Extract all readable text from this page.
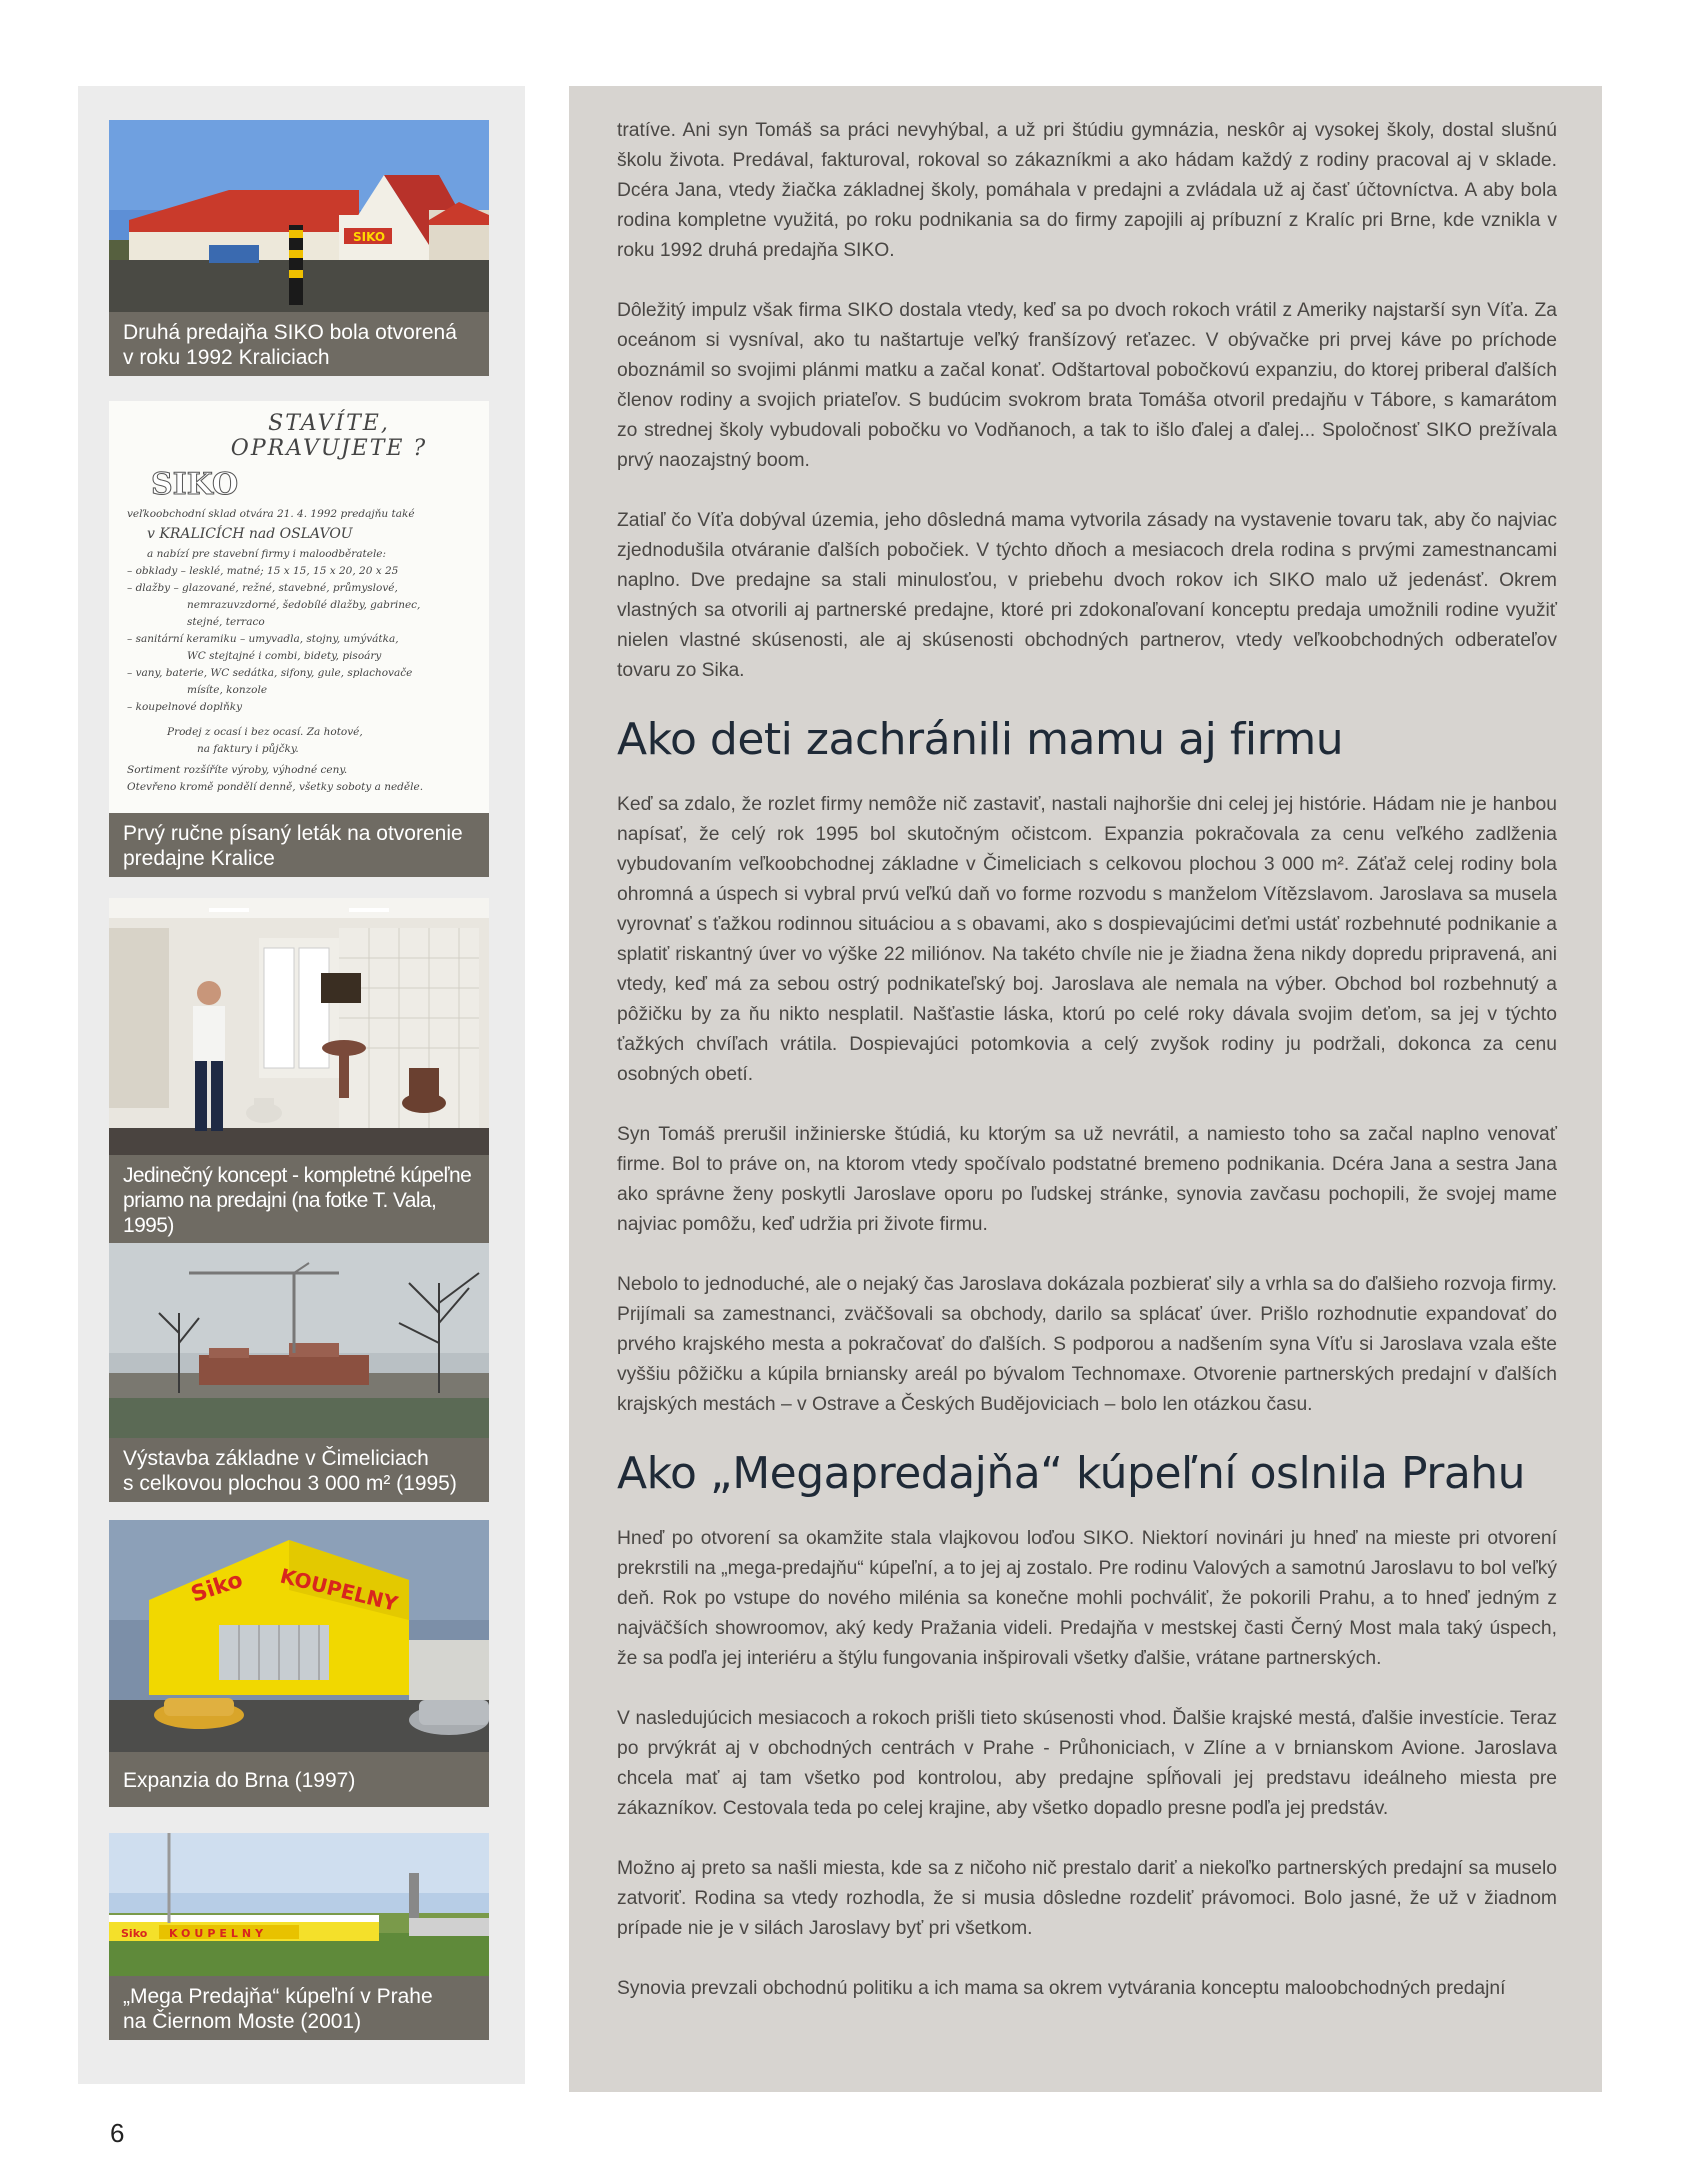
SIKO
Druhá predajňa SIKO bola otvorená
v roku 1992 Kraliciach
STAVÍTE, OPRAVUJETE ?
SIKO
veľkoobchodní sklad otvára 21. 4. 1992 predajňu také
v KRALICÍCH nad OSLAVOU
a nabízí pre stavební firmy i maloodběratele:
– obklady – lesklé, matné; 15 x 15, 15 x 20, 20 x 25
– dlažby – glazované, režné, stavebné, průmyslové,
nemrazuvzdorné, šedobílé dlažby, gabrinec,
stejné, terraco
– sanitární keramiku – umyvadla, stojny, umývátka,
WC stejtajné i combi, bidety, pisoáry
– vany, baterie, WC sedátka, sifony, gule, splachovače
mísíte, konzole
– koupelnové doplňky
Prodej z ocasí i bez ocasí. Za hotové,
na faktury i půjčky.
Sortiment rozšíříte výroby, výhodné ceny.
Otevřeno kromě pondělí denně, všetky soboty a neděle.
Prvý ručne písaný leták na otvorenie
predajne Kralice
Jedinečný koncept - kompletné kúpeľne
priamo na predajni (na fotke T. Vala, 1995)
Výstavba základne v Čimeliciach
s celkovou plochou 3 000 m² (1995)
Siko KOUPELNY
Expanzia do Brna (1997)
Siko KOUPELNY
„Mega Predajňa“ kúpeľní v Prahe
na Čiernom Moste (2001)

tratíve. Ani syn Tomáš sa práci nevyhýbal, a už pri štúdiu gymnázia, neskôr aj vysokej školy, dostal slušnú školu života. Predával, fakturoval, rokoval so zákazníkmi a ako hádam každý z rodiny pracoval aj v sklade. Dcéra Jana, vtedy žiačka základnej školy, pomáhala v predajni a zvládala už aj časť účtovníctva. A aby bola rodina kompletne využitá, po roku podnikania sa do firmy zapojili aj príbuzní z Kralíc pri Brne, kde vznikla v roku 1992 druhá predajňa SIKO.

Dôležitý impulz však firma SIKO dostala vtedy, keď sa po dvoch rokoch vrátil z Ameriky najstarší syn Víťa. Za oceánom si vysníval, ako tu naštartuje veľký franšízový reťazec. V obývačke pri prvej káve po príchode oboznámil so svojimi plánmi matku a začal konať. Odštartoval pobočkovú expanziu, do ktorej priberal ďalších členov rodiny a svojich priateľov. S budúcim svokrom brata Tomáša otvoril predajňu v Tábore, s kamarátom zo strednej školy vybudovali pobočku vo Vodňanoch, a tak to išlo ďalej a ďalej... Spoločnosť SIKO prežívala prvý naozajstný boom.

Zatiaľ čo Víťa dobýval územia, jeho dôsledná mama vytvorila zásady na vystavenie tovaru tak, aby čo najviac zjednodušila otváranie ďalších pobočiek. V týchto dňoch a mesiacoch drela rodina s prvými zamestnancami naplno. Dve predajne sa stali minulosťou, v priebehu dvoch rokov ich SIKO malo už jedenásť. Okrem vlastných sa otvorili aj partnerské predajne, ktoré pri zdokonaľovaní konceptu predaja umožnili rodine využiť nielen vlastné skúsenosti, ale aj skúsenosti obchodných partnerov, vtedy veľkoobchodných odberateľov tovaru zo Sika.

Ako deti zachránili mamu aj firmu

Keď sa zdalo, že rozlet firmy nemôže nič zastaviť, nastali najhoršie dni celej jej histórie. Hádam nie je hanbou napísať, že celý rok 1995 bol skutočným očistcom. Expanzia pokračovala za cenu veľkého zadlženia vybudovaním veľkoobchodnej základne v Čimeliciach s celkovou plochou 3 000 m². Záťaž celej rodiny bola ohromná a úspech si vybral prvú veľkú daň vo forme rozvodu s manželom Vítězslavom. Jaroslava sa musela vyrovnať s ťažkou rodinnou situáciou a s obavami, ako s dospievajúcimi deťmi ustáť rozbehnuté podnikanie a splatiť riskantný úver vo výške 22 miliónov. Na takéto chvíle nie je žiadna žena nikdy dopredu pripravená, ani vtedy, keď má za sebou ostrý podnikateľský boj. Jaroslava ale nemala na výber. Obchod bol rozbehnutý a pôžičku by za ňu nikto nesplatil. Našťastie láska, ktorú po celé roky dávala svojim deťom, sa jej v týchto ťažkých chvíľach vrátila. Dospievajúci potomkovia a celý zvyšok rodiny ju podržali, dokonca za cenu osobných obetí.

Syn Tomáš prerušil inžinierske štúdiá, ku ktorým sa už nevrátil, a namiesto toho sa začal naplno venovať firme. Bol to práve on, na ktorom vtedy spočívalo podstatné bremeno podnikania. Dcéra Jana a sestra Jana ako správne ženy poskytli Jaroslave oporu po ľudskej stránke, synovia zavčasu pochopili, že svojej mame najviac pomôžu, keď udržia pri živote firmu.

Nebolo to jednoduché, ale o nejaký čas Jaroslava dokázala pozbierať sily a vrhla sa do ďalšieho rozvoja firmy. Prijímali sa zamestnanci, zväčšovali sa obchody, darilo sa splácať úver. Prišlo rozhodnutie expandovať do prvého krajského mesta a pokračovať do ďalších. S podporou a nadšením syna Víťu si Jaroslava vzala ešte vyššiu pôžičku a kúpila brniansky areál po bývalom Technomaxe. Otvorenie partnerských predajní v ďalších krajských mestách – v Ostrave a Českých Budějoviciach – bolo len otázkou času.

Ako „Megapredajňa“ kúpeľní oslnila Prahu

Hneď po otvorení sa okamžite stala vlajkovou loďou SIKO. Niektorí novinári ju hneď na mieste pri otvorení prekrstili na „mega-predajňu“ kúpeľní, a to jej aj zostalo. Pre rodinu Valových a samotnú Jaroslavu to bol veľký deň. Rok po vstupe do nového milénia sa konečne mohli pochváliť, že pokorili Prahu, a to hneď jedným z najväčších showroomov, aký kedy Pražania videli. Predajňa v mestskej časti Černý Most mala taký úspech, že sa podľa jej interiéru a štýlu fungovania inšpirovali všetky ďalšie, vrátane partnerských.

V nasledujúcich mesiacoch a rokoch prišli tieto skúsenosti vhod. Ďalšie krajské mestá, ďalšie investície. Teraz po prvýkrát aj v obchodných centrách v Prahe - Průhoniciach, v Zlíne a v brnianskom Avione. Jaroslava chcela mať aj tam všetko pod kontrolou, aby predajne spĺňovali jej predstavu ideálneho miesta pre zákazníkov. Cestovala teda po celej krajine, aby všetko dopadlo presne podľa jej predstáv.

Možno aj preto sa našli miesta, kde sa z ničoho nič prestalo dariť a niekoľko partnerských predajní sa muselo zatvoriť. Rodina sa vtedy rozhodla, že si musia dôsledne rozdeliť právomoci. Bolo jasné, že už v žiadnom prípade nie je v silách Jaroslavy byť pri všetkom.

Synovia prevzali obchodnú politiku a ich mama sa okrem vytvárania konceptu maloobchodných predajní

6
